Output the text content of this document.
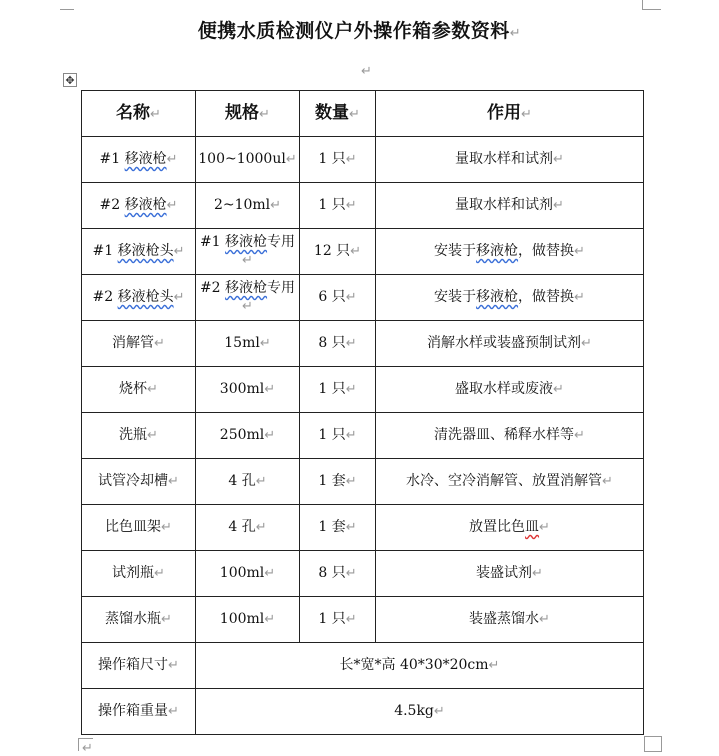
便携水质检测仪户外操作箱参数资料↵
↵
✥
名称↵	规格↵	数量↵	作用↵
#1 移液枪↵	100~1000ul↵	1 只↵	量取水样和试剂↵
#2 移液枪↵	2~10ml↵	1 只↵	量取水样和试剂↵
#1 移液枪头↵	#1 移液枪专用↵	12 只↵	安装于移液枪，做替换↵
#2 移液枪头↵	#2 移液枪专用↵	6 只↵	安装于移液枪，做替换↵
消解管↵	15ml↵	8 只↵	消解水样或装盛预制试剂↵
烧杯↵	300ml↵	1 只↵	盛取水样或废液↵
洗瓶↵	250ml↵	1 只↵	清洗器皿、稀释水样等↵
试管冷却槽↵	4 孔↵	1 套↵	水冷、空冷消解管、放置消解管↵
比色皿架↵	4 孔↵	1 套↵	放置比色皿↵
试剂瓶↵	100ml↵	8 只↵	装盛试剂↵
蒸馏水瓶↵	100ml↵	1 只↵	装盛蒸馏水↵
操作箱尺寸↵	长*宽*高 40*30*20cm↵		
操作箱重量↵	4.5kg↵		
↵
